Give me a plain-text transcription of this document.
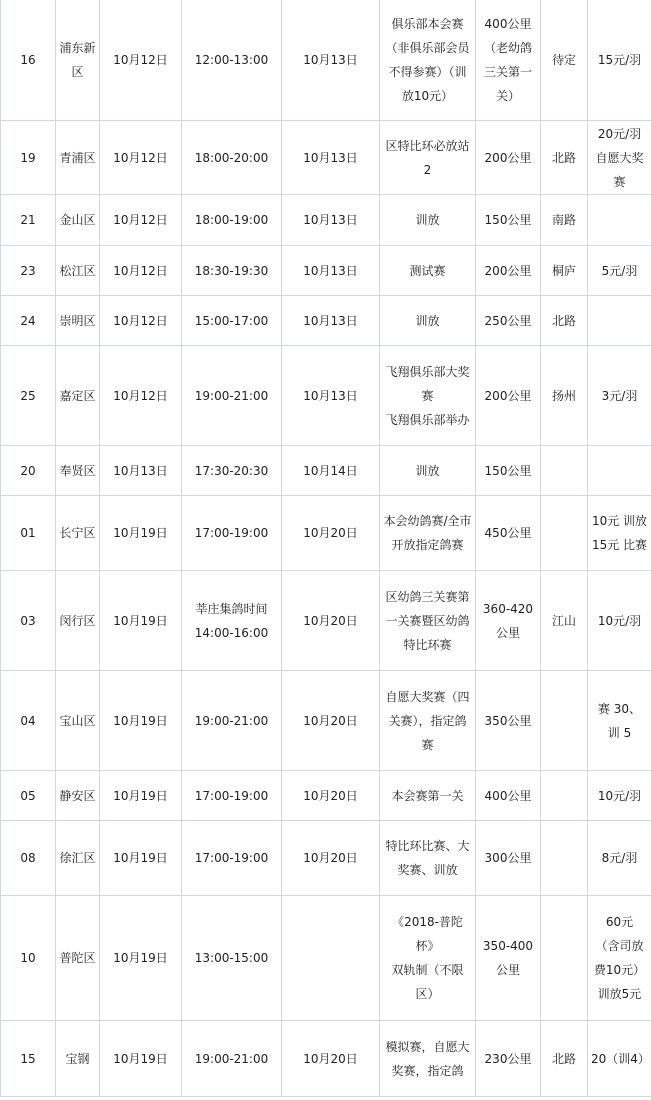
16	浦东新区	10月12日	12:00-13:00	10月13日	俱乐部本会赛（非俱乐部会员不得参赛）（训放10元）	400公里（老幼鸽三关第一关）	待定	15元/羽

19	青浦区	10月12日	18:00-20:00	10月13日	区特比环必放站2	200公里	北路	20元/羽 自愿大奖赛

21	金山区	10月12日	18:00-19:00	10月13日	训放	150公里	南路	

23	松江区	10月12日	18:30-19:30	10月13日	测试赛	200公里	桐庐	5元/羽

24	崇明区	10月12日	15:00-17:00	10月13日	训放	250公里	北路	

25	嘉定区	10月12日	19:00-21:00	10月13日	飞翔俱乐部大奖赛
飞翔俱乐部举办	200公里	扬州	3元/羽

20	奉贤区	10月13日	17:30-20:30	10月14日	训放	150公里		

01	长宁区	10月19日	17:00-19:00	10月20日	本会幼鸽赛/全市开放指定鸽赛	450公里		10元 训放
15元 比赛

03	闵行区	10月19日	莘庄集鸽时间
14:00-16:00	10月20日	区幼鸽三关赛第一关赛暨区幼鸽特比环赛	360-420公里	江山	10元/羽

04	宝山区	10月19日	19:00-21:00	10月20日	自愿大奖赛（四关赛），指定鸽赛	350公里		赛 30、
训 5

05	静安区	10月19日	17:00-19:00	10月20日	本会赛第一关	400公里		10元/羽

08	徐汇区	10月19日	17:00-19:00	10月20日	特比环比赛、大奖赛、训放	300公里		8元/羽

10	普陀区	10月19日	13:00-15:00		《2018-普陀杯》
双轨制（不限区）	350-400公里		60元
（含司放费10元）
训放5元

15	宝钢	10月19日	19:00-21:00	10月20日	模拟赛，自愿大奖赛，指定鸽	230公里	北路	20（训4）
